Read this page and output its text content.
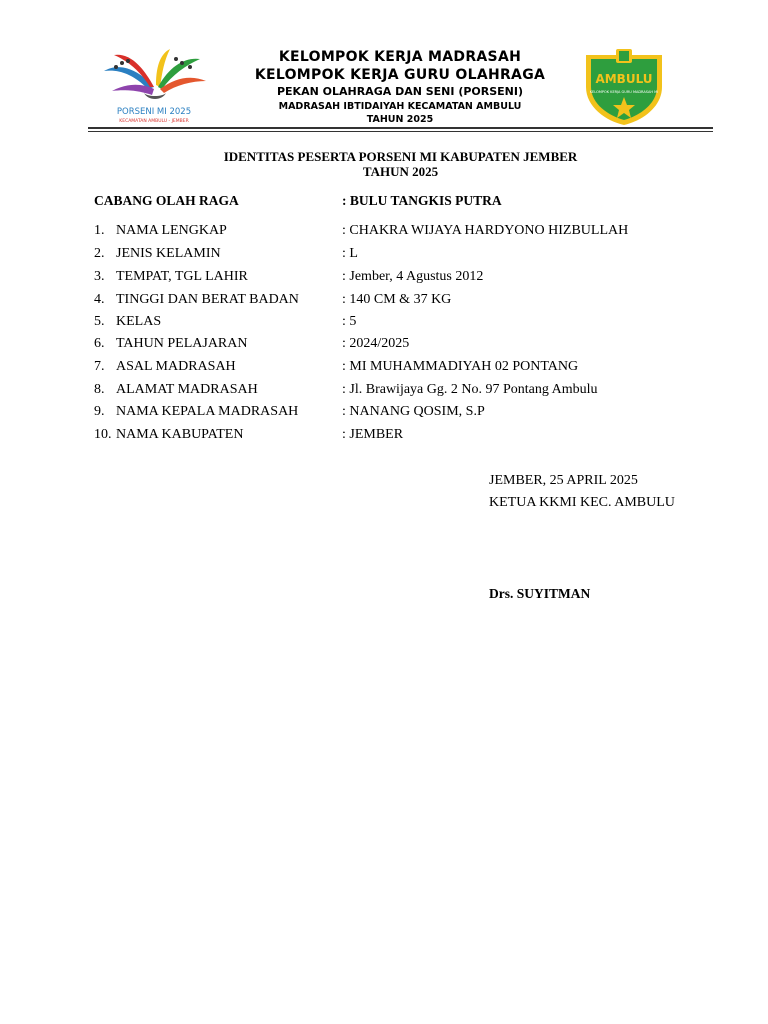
PORSENI MI 2025
KECAMATAN AMBULU - JEMBER
KELOMPOK KERJA MADRASAH
KELOMPOK KERJA GURU OLAHRAGA
PEKAN OLAHRAGA DAN SENI (PORSENI)
MADRASAH IBTIDAIYAH KECAMATAN AMBULU
TAHUN 2025
AMBULU
KELOMPOK KERJA GURU MADRASAH MI
IDENTITAS PESERTA PORSENI MI KABUPATEN JEMBER
TAHUN 2025
CABANG OLAH RAGA	: BULU TANGKIS PUTRA
1. NAMA LENGKAP	: CHAKRA WIJAYA HARDYONO HIZBULLAH
2. JENIS KELAMIN	: L
3. TEMPAT, TGL LAHIR	: Jember, 4 Agustus 2012
4. TINGGI DAN BERAT BADAN	: 140 CM & 37 KG
5. KELAS	: 5
6. TAHUN PELAJARAN	: 2024/2025
7. ASAL MADRASAH	: MI MUHAMMADIYAH 02 PONTANG
8. ALAMAT MADRASAH	: Jl. Brawijaya Gg. 2 No. 97 Pontang Ambulu
9. NAMA KEPALA MADRASAH	: NANANG QOSIM, S.P
10. NAMA KABUPATEN	: JEMBER
JEMBER, 25 APRIL 2025
KETUA KKMI KEC. AMBULU
Drs. SUYITMAN
